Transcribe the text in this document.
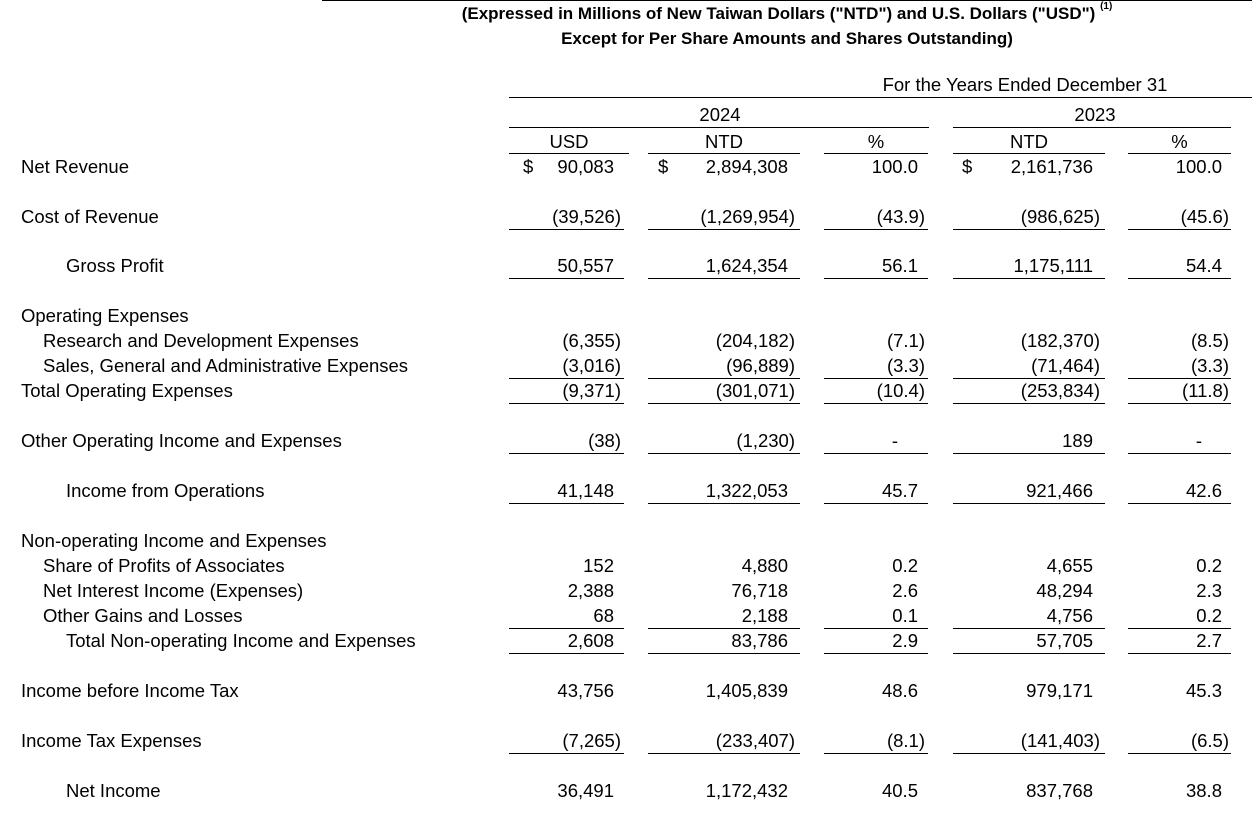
(Expressed in Millions of New Taiwan Dollars ("NTD") and U.S. Dollars ("USD") $^{(1)}$
Except for Per Share Amounts and Shares Outstanding)
For the Years Ended December 31
2024	2023
USD	NTD	%	NTD	%
$	$	$
Net Revenue	90,083	2,894,308	100.0	2,161,736	100.0
Cost of Revenue	(39,526)	(1,269,954)	(43.9)	(986,625)	(45.6)
Gross Profit	50,557	1,624,354	56.1	1,175,111	54.4
Operating Expenses
Research and Development Expenses	(6,355)	(204,182)	(7.1)	(182,370)	(8.5)
Sales, General and Administrative Expenses	(3,016)	(96,889)	(3.3)	(71,464)	(3.3)
Total Operating Expenses	(9,371)	(301,071)	(10.4)	(253,834)	(11.8)
Other Operating Income and Expenses	(38)	(1,230)	-	189	-
Income from Operations	41,148	1,322,053	45.7	921,466	42.6
Non-operating Income and Expenses
Share of Profits of Associates	152	4,880	0.2	4,655	0.2
Net Interest Income (Expenses)	2,388	76,718	2.6	48,294	2.3
Other Gains and Losses	68	2,188	0.1	4,756	0.2
Total Non-operating Income and Expenses	2,608	83,786	2.9	57,705	2.7
Income before Income Tax	43,756	1,405,839	48.6	979,171	45.3
Income Tax Expenses	(7,265)	(233,407)	(8.1)	(141,403)	(6.5)
Net Income	36,491	1,172,432	40.5	837,768	38.8
